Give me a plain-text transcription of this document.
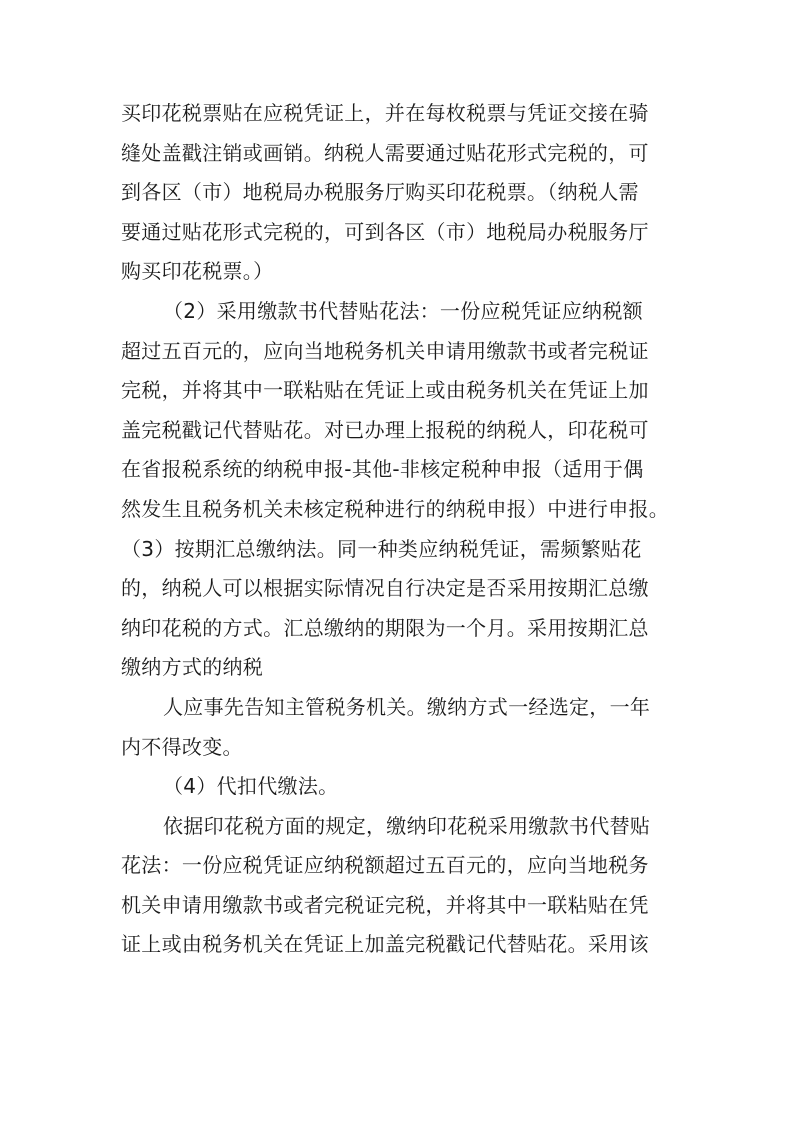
买印花税票贴在应税凭证上，并在每枚税票与凭证交接在骑
缝处盖戳注销或画销。纳税人需要通过贴花形式完税的，可
到各区（市）地税局办税服务厅购买印花税票。（纳税人需
要通过贴花形式完税的，可到各区（市）地税局办税服务厅
购买印花税票。）
（2）采用缴款书代替贴花法：一份应税凭证应纳税额
超过五百元的，应向当地税务机关申请用缴款书或者完税证
完税，并将其中一联粘贴在凭证上或由税务机关在凭证上加
盖完税戳记代替贴花。对已办理上报税的纳税人，印花税可
在省报税系统的纳税申报-其他-非核定税种申报（适用于偶
然发生且税务机关未核定税种进行的纳税申报）中进行申报。
（3）按期汇总缴纳法。同一种类应纳税凭证，需频繁贴花
的，纳税人可以根据实际情况自行决定是否采用按期汇总缴
纳印花税的方式。汇总缴纳的期限为一个月。采用按期汇总
缴纳方式的纳税
人应事先告知主管税务机关。缴纳方式一经选定，一年
内不得改变。
（4）代扣代缴法。
依据印花税方面的规定，缴纳印花税采用缴款书代替贴
花法：一份应税凭证应纳税额超过五百元的，应向当地税务
机关申请用缴款书或者完税证完税，并将其中一联粘贴在凭
证上或由税务机关在凭证上加盖完税戳记代替贴花。采用该
